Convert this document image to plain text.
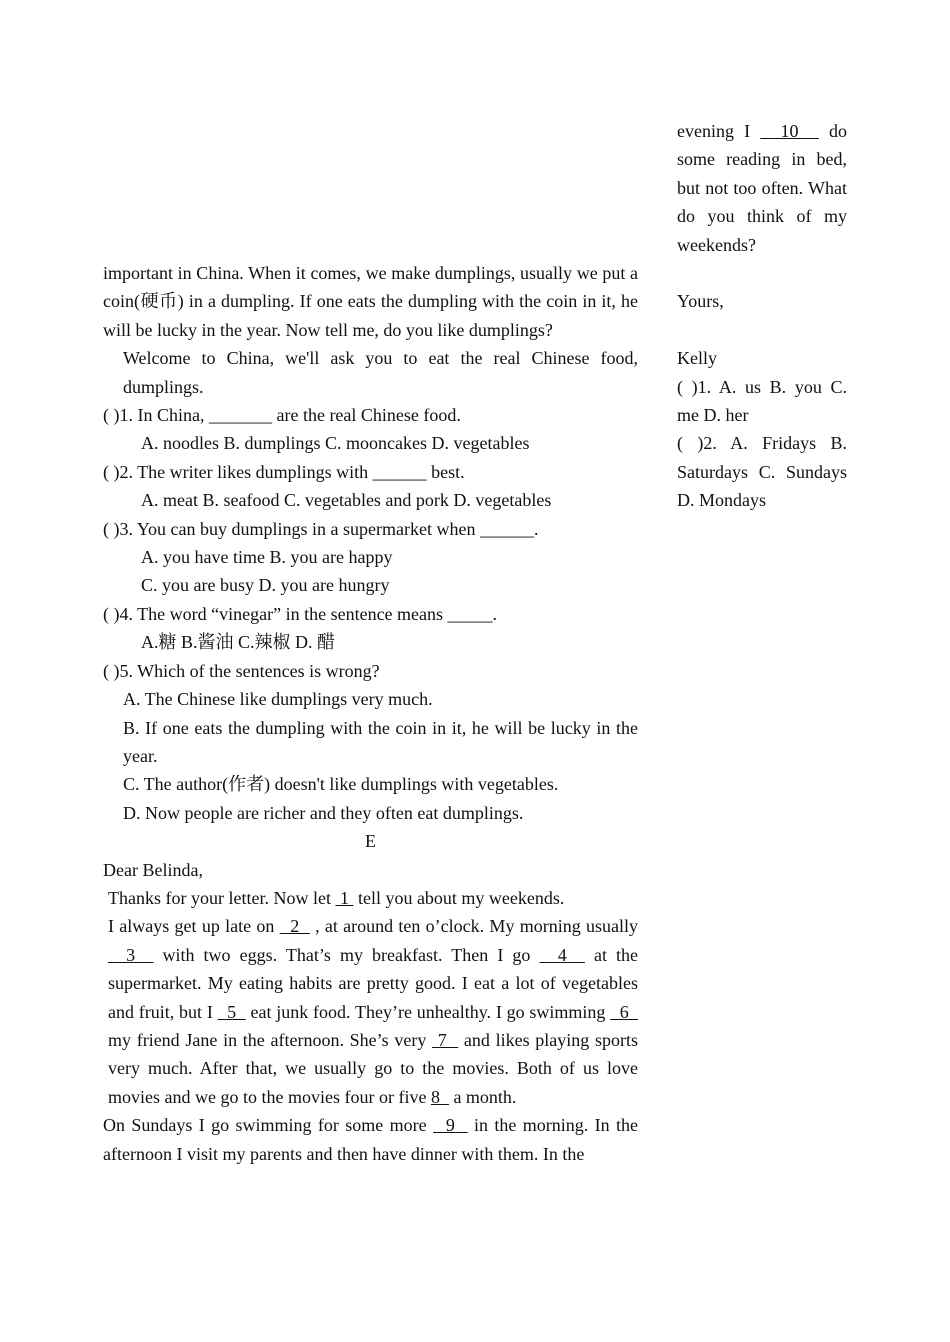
important in China. When it comes, we make dumplings, usually we put a coin(硬币) in a dumpling. If one eats the dumpling with the coin in it, he will be lucky in the year. Now tell me, do you like dumplings?

Welcome to China, we'll ask you to eat the real Chinese food, dumplings.

( )1. In China, _______ are the real Chinese food.
A. noodles B. dumplings C. mooncakes D. vegetables
( )2. The writer likes dumplings with ______ best.
A. meat B. seafood C. vegetables and pork D. vegetables
( )3. You can buy dumplings in a supermarket when ______.
A. you have time B. you are happy
C. you are busy D. you are hungry
( )4. The word “vinegar” in the sentence means _____.
A.糖 B.酱油 C.辣椒 D. 醋
( )5. Which of the sentences is wrong?
A. The Chinese like dumplings very much.
B. If one eats the dumpling with the coin in it, he will be lucky in the year.
C. The author(作者) doesn't like dumplings with vegetables.
D. Now people are richer and they often eat dumplings.
E
Dear Belinda,
Thanks for your letter. Now let  1  tell you about my weekends.
I always get up late on   2   , at around ten o’clock. My morning usually   3   with two eggs. That’s my breakfast. Then I go   4   at the supermarket. My eating habits are pretty good. I eat a lot of vegetables and fruit, but I   5   eat junk food. They’re unhealthy. I go swimming   6   my friend Jane in the afternoon. She’s very  7   and likes playing sports very much. After that, we usually go to the movies. Both of us love movies and we go to the movies four or five 8   a month.
On Sundays I go swimming for some more   9   in the morning. In the afternoon I visit my parents and then have dinner with them. In the
evening I   10   do some reading in bed, but not too often. What do you think of my weekends?
Yours,
Kelly
( )1. A. us B. you C. me D. her
( )2. A. Fridays B. Saturdays C. Sundays D. Mondays
